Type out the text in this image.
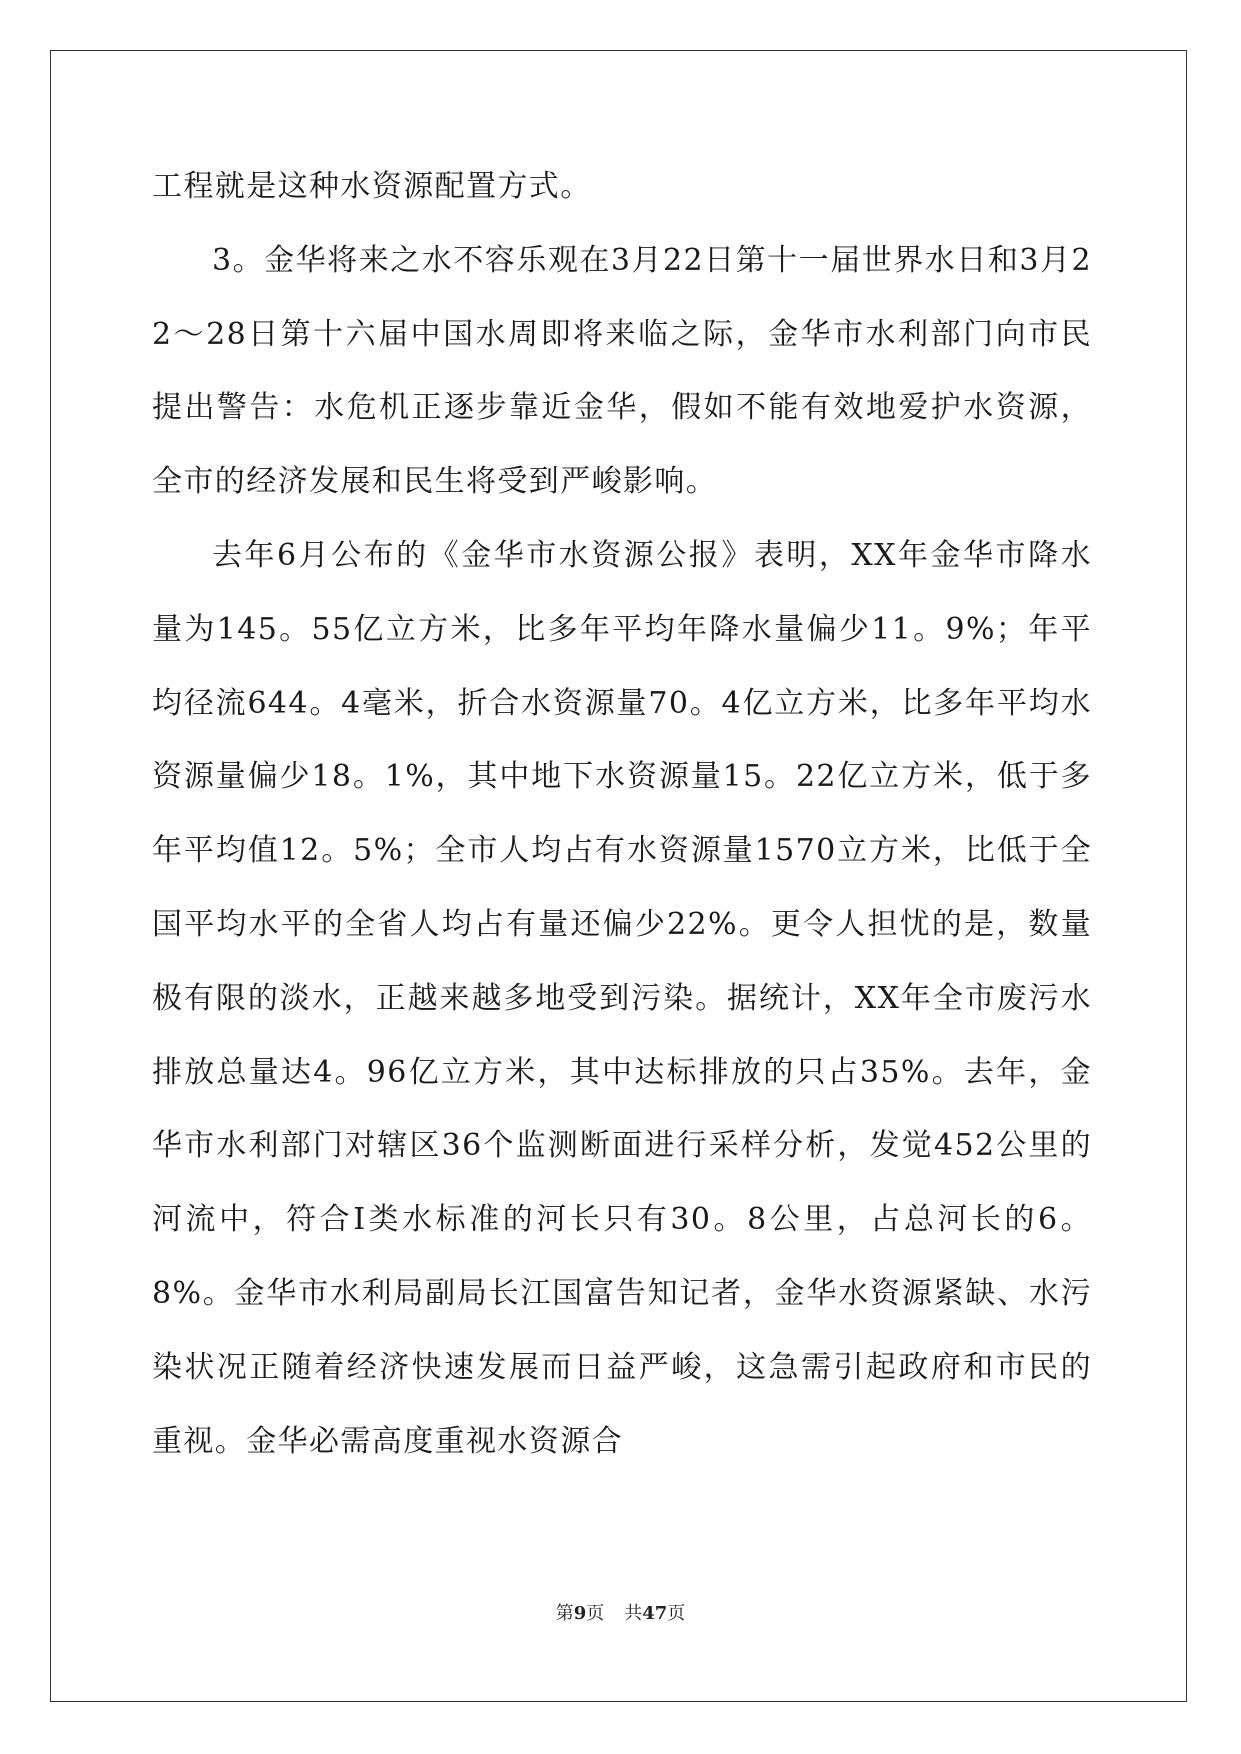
工程就是这种水资源配置方式。

3。金华将来之水不容乐观在3月22日第十一届世界水日和3月22～28日第十六届中国水周即将来临之际，金华市水利部门向市民提出警告：水危机正逐步靠近金华，假如不能有效地爱护水资源，全市的经济发展和民生将受到严峻影响。

去年6月公布的《金华市水资源公报》表明，XX年金华市降水量为145。55亿立方米，比多年平均年降水量偏少11。9%；年平均径流644。4毫米，折合水资源量70。4亿立方米，比多年平均水资源量偏少18。1%，其中地下水资源量15。22亿立方米，低于多年平均值12。5%；全市人均占有水资源量1570立方米，比低于全国平均水平的全省人均占有量还偏少22%。更令人担忧的是，数量极有限的淡水，正越来越多地受到污染。据统计，XX年全市废污水排放总量达4。96亿立方米，其中达标排放的只占35%。去年，金华市水利部门对辖区36个监测断面进行采样分析，发觉452公里的河流中，符合Ⅰ类水标准的河长只有30。8公里，占总河长的6。8%。金华市水利局副局长江国富告知记者，金华水资源紧缺、水污染状况正随着经济快速发展而日益严峻，这急需引起政府和市民的重视。金华必需高度重视水资源合

第9页 共47页
